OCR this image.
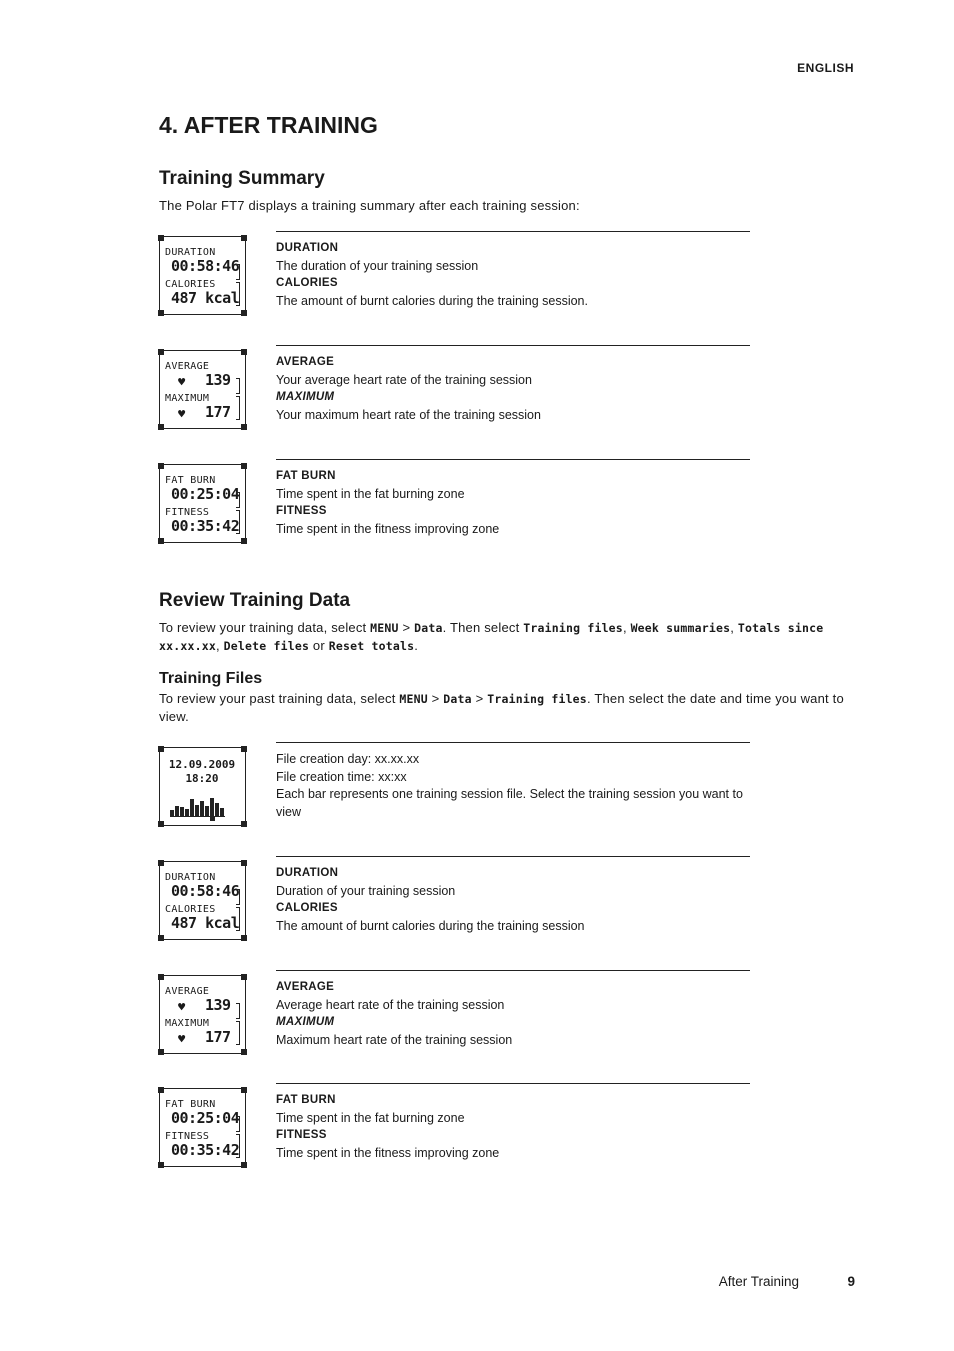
ENGLISH
4. AFTER TRAINING
Training Summary
The Polar FT7 displays a training summary after each training session:
DURATION
00:58:46
CALORIES
487 kcal
DURATION
The duration of your training session
CALORIES
The amount of burnt calories during the training session.
AVERAGE
♥ 139
MAXIMUM
♥ 177
AVERAGE
Your average heart rate of the training session
MAXIMUM
Your maximum heart rate of the training session
FAT BURN
00:25:04
FITNESS
00:35:42
FAT BURN
Time spent in the fat burning zone
FITNESS
Time spent in the fitness improving zone
Review Training Data
To review your training data, select MENU > Data. Then select Training files, Week summaries, Totals since xx.xx.xx, Delete files or Reset totals.
Training Files
To review your past training data, select MENU > Data > Training files. Then select the date and time you want to view.
12.09.2009
18:20
File creation day: xx.xx.xx
File creation time: xx:xx
Each bar represents one training session file. Select the training session you want to view
DURATION
00:58:46
CALORIES
487 kcal
DURATION
Duration of your training session
CALORIES
The amount of burnt calories during the training session
AVERAGE
♥ 139
MAXIMUM
♥ 177
AVERAGE
Average heart rate of the training session
MAXIMUM
Maximum heart rate of the training session
FAT BURN
00:25:04
FITNESS
00:35:42
FAT BURN
Time spent in the fat burning zone
FITNESS
Time spent in the fitness improving zone
After Training	9
